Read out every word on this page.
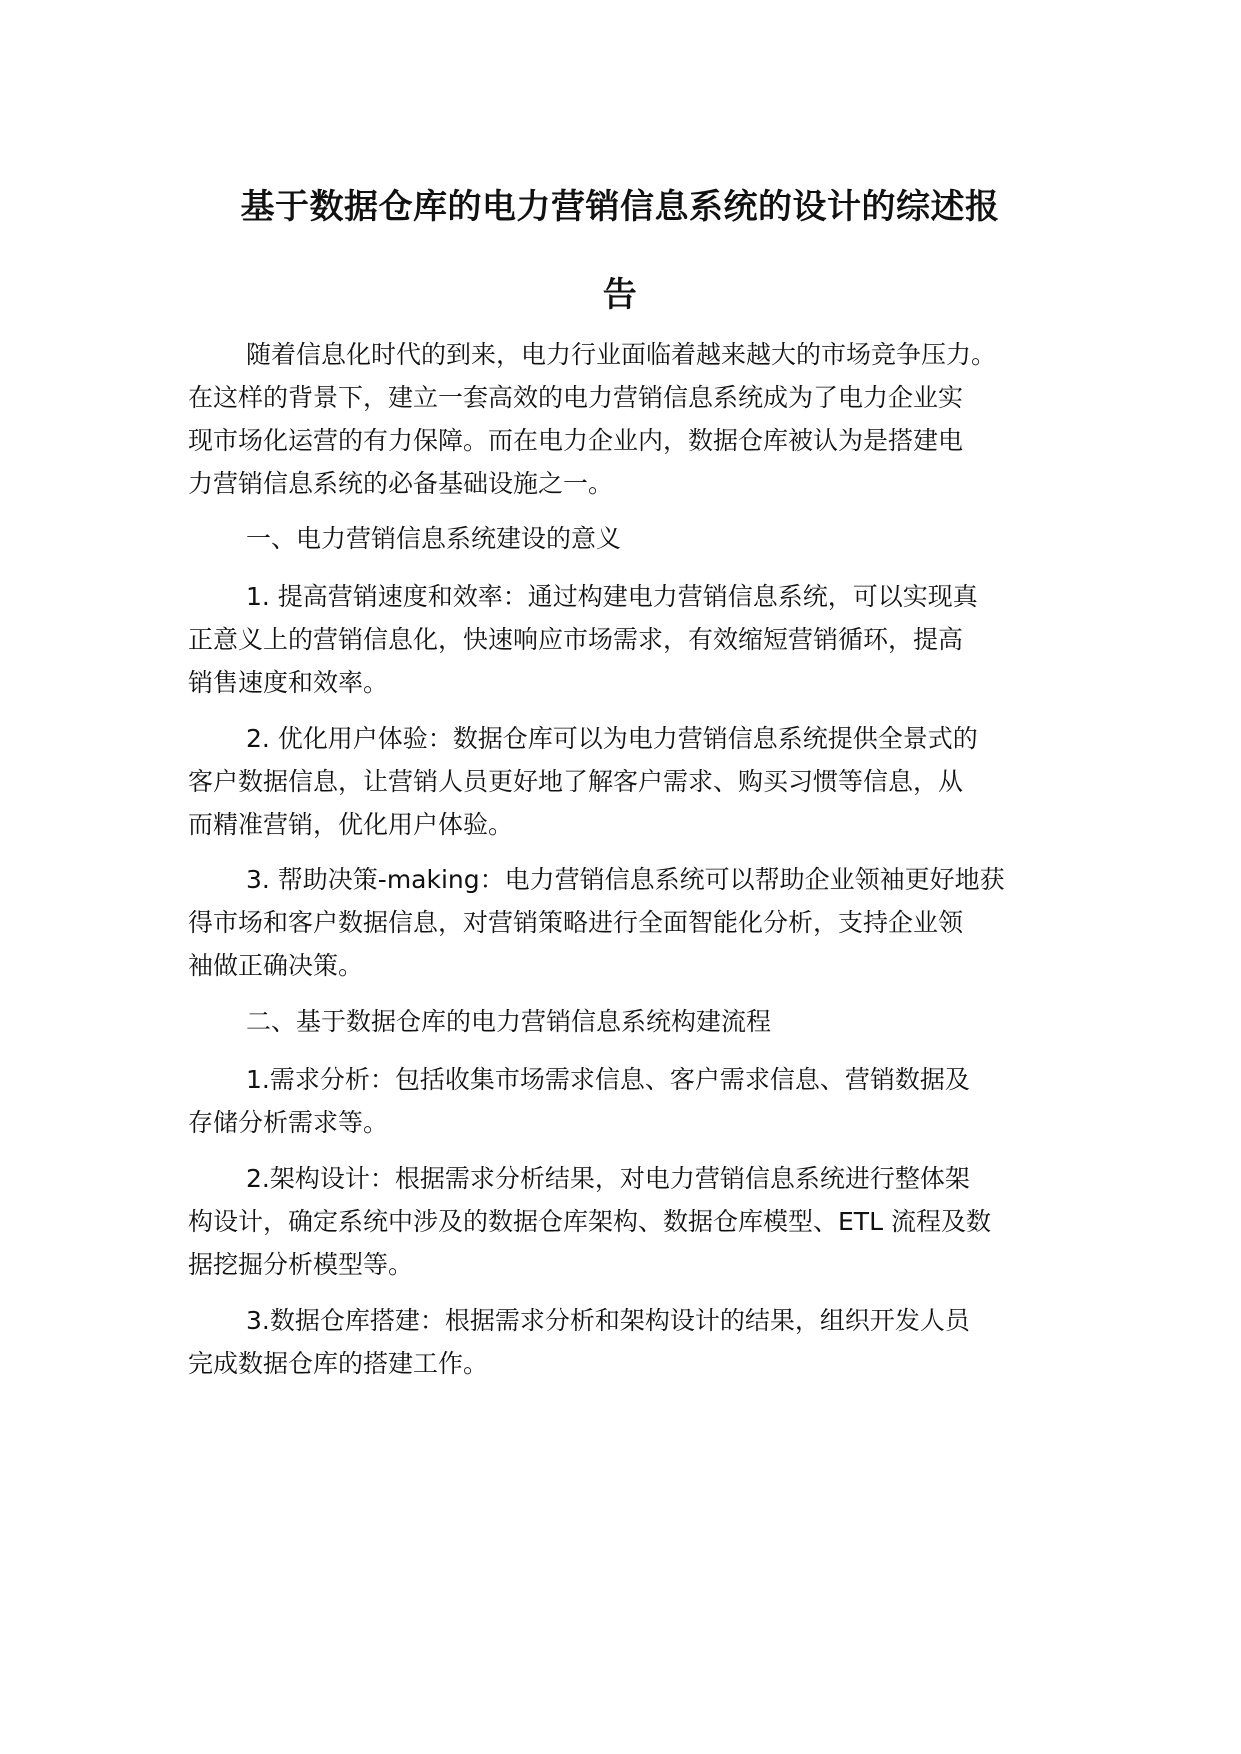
基于数据仓库的电力营销信息系统的设计的综述报
告
随着信息化时代的到来，电力行业面临着越来越大的市场竞争压力。
在这样的背景下，建立一套高效的电力营销信息系统成为了电力企业实
现市场化运营的有力保障。而在电力企业内，数据仓库被认为是搭建电
力营销信息系统的必备基础设施之一。
一、电力营销信息系统建设的意义
1. 提高营销速度和效率：通过构建电力营销信息系统，可以实现真
正意义上的营销信息化，快速响应市场需求，有效缩短营销循环，提高
销售速度和效率。
2. 优化用户体验：数据仓库可以为电力营销信息系统提供全景式的
客户数据信息，让营销人员更好地了解客户需求、购买习惯等信息，从
而精准营销，优化用户体验。
3. 帮助决策-making：电力营销信息系统可以帮助企业领袖更好地获
得市场和客户数据信息，对营销策略进行全面智能化分析，支持企业领
袖做正确决策。
二、基于数据仓库的电力营销信息系统构建流程
1.需求分析：包括收集市场需求信息、客户需求信息、营销数据及
存储分析需求等。
2.架构设计：根据需求分析结果，对电力营销信息系统进行整体架
构设计，确定系统中涉及的数据仓库架构、数据仓库模型、ETL 流程及数
据挖掘分析模型等。
3.数据仓库搭建：根据需求分析和架构设计的结果，组织开发人员
完成数据仓库的搭建工作。
